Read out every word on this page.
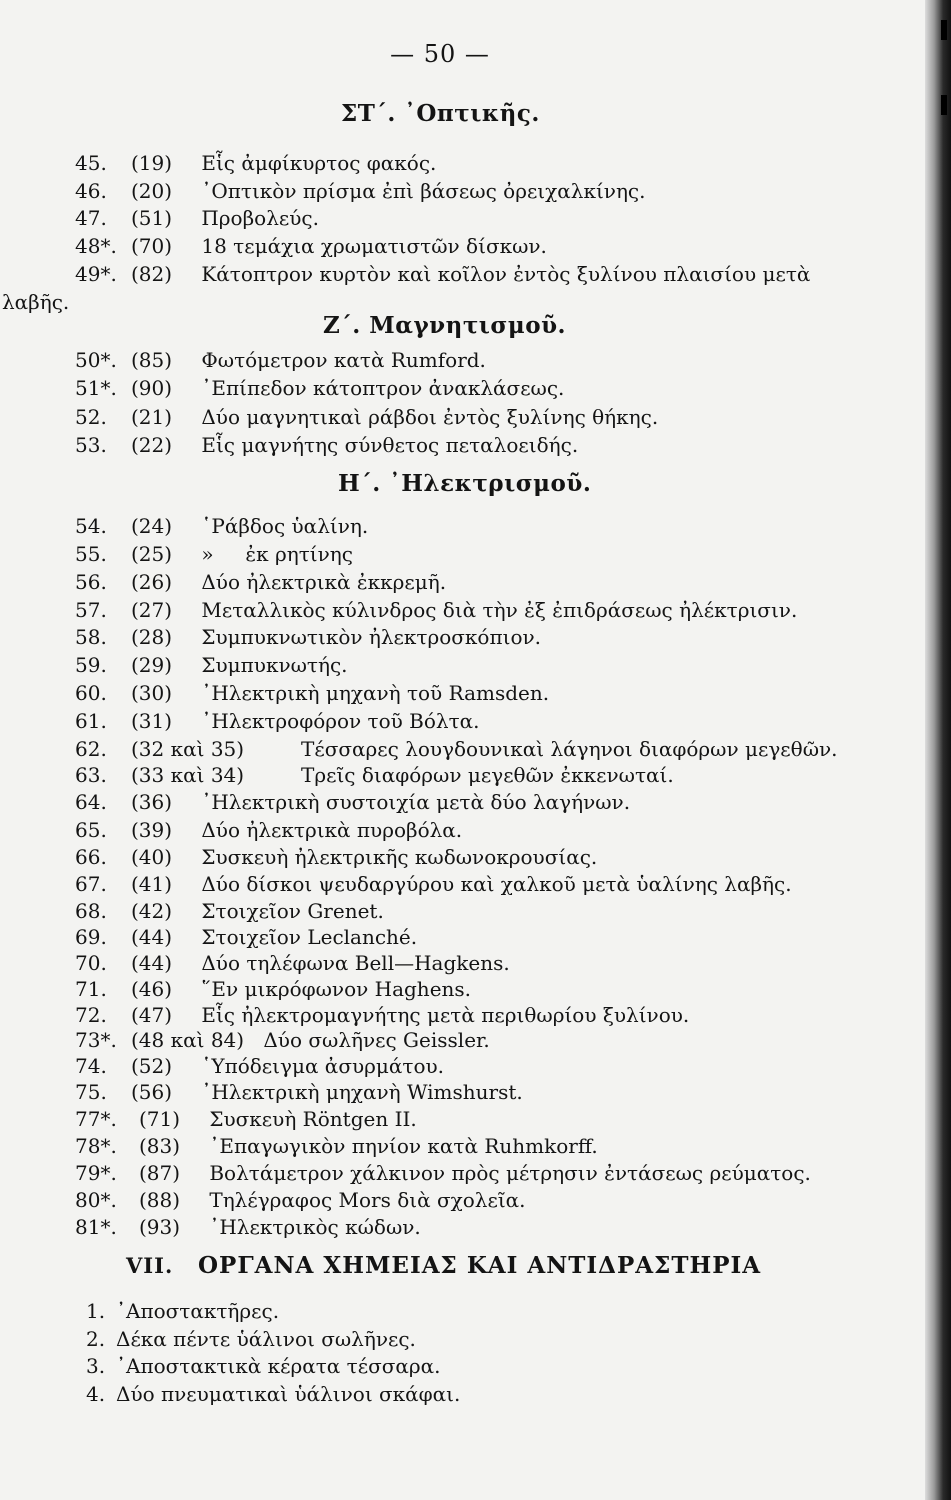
— 50 —
ΣΤ΄. ᾿Οπτικῆς.
45. (19) Εἷς ἀμφίκυρτος φακός.
46. (20) ᾿Οπτικὸν πρίσμα ἐπὶ βάσεως ὀρειχαλκίνης.
47. (51) Προβολεύς.
48*. (70) 18 τεμάχια χρωματιστῶν δίσκων.
49*. (82) Κάτοπτρον κυρτὸν καὶ κοῖλον ἐντὸς ξυλίνου πλαισίου μετὰ
λαβῆς.
Ζ΄. Μαγνητισμοῦ.
50*. (85) Φωτόμετρον κατὰ Rumford.
51*. (90) ᾿Επίπεδον κάτοπτρον ἀνακλάσεως.
52. (21) Δύο μαγνητικαὶ ράβδοι ἐντὸς ξυλίνης θήκης.
53. (22) Εἷς μαγνήτης σύνθετος πεταλοειδής.
Η΄. ᾿Ηλεκτρισμοῦ.
54. (24) ῾Ράβδος ὑαλίνη.
55. (25) »     ἐκ ρητίνης
56. (26) Δύο ἠλεκτρικὰ ἐκκρεμῆ.
57. (27) Μεταλλικὸς κύλινδρος διὰ τὴν ἐξ ἐπιδράσεως ἠλέκτρισιν.
58. (28) Συμπυκνωτικὸν ἠλεκτροσκόπιον.
59. (29) Συμπυκνωτής.
60. (30) ᾿Ηλεκτρικὴ μηχανὴ τοῦ Ramsden.
61. (31) ᾿Ηλεκτροφόρον τοῦ Βόλτα.
62. (32 καὶ 35)	Τέσσαρες λουγδουνικαὶ λάγηνοι διαφόρων μεγεθῶν.
63. (33 καὶ 34)	Τρεῖς διαφόρων μεγεθῶν ἐκκενωταί.
64. (36) ᾿Ηλεκτρικὴ συστοιχία μετὰ δύο λαγήνων.
65. (39) Δύο ἠλεκτρικὰ πυροβόλα.
66. (40) Συσκευὴ ἠλεκτρικῆς κωδωνοκρουσίας.
67. (41) Δύο δίσκοι ψευδαργύρου καὶ χαλκοῦ μετὰ ὑαλίνης λαβῆς.
68. (42) Στοιχεῖον Grenet.
69. (44) Στοιχεῖον Leclanché.
70. (44) Δύο τηλέφωνα Bell—Hagkens.
71. (46) ῞Εν μικρόφωνον Haghens.
72. (47) Εἷς ἠλεκτρομαγνήτης μετὰ περιθωρίου ξυλίνου.
73*. (48 καὶ 84) Δύο σωλῆνες Geissler.
74. (52) ῾Υπόδειγμα ἀσυρμάτου.
75. (56) ᾿Ηλεκτρικὴ μηχανὴ Wimshurst.
77*. (71) Συσκευὴ Röntgen II.
78*. (83) ᾿Επαγωγικὸν πηνίον κατὰ Ruhmkorff.
79*. (87) Βολτάμετρον χάλκινον πρὸς μέτρησιν ἐντάσεως ρεύματος.
80*. (88) Τηλέγραφος Mors διὰ σχολεῖα.
81*. (93) ᾿Ηλεκτρικὸς κώδων.
VII. ΟΡΓΑΝΑ ΧΗΜΕΙΑΣ ΚΑΙ ΑΝΤΙΔΡΑΣΤΗΡΙΑ
1. ᾿Αποστακτῆρες.
2. Δέκα πέντε ὑάλινοι σωλῆνες.
3. ᾿Αποστακτικὰ κέρατα τέσσαρα.
4. Δύο πνευματικαὶ ὑάλινοι σκάφαι.
